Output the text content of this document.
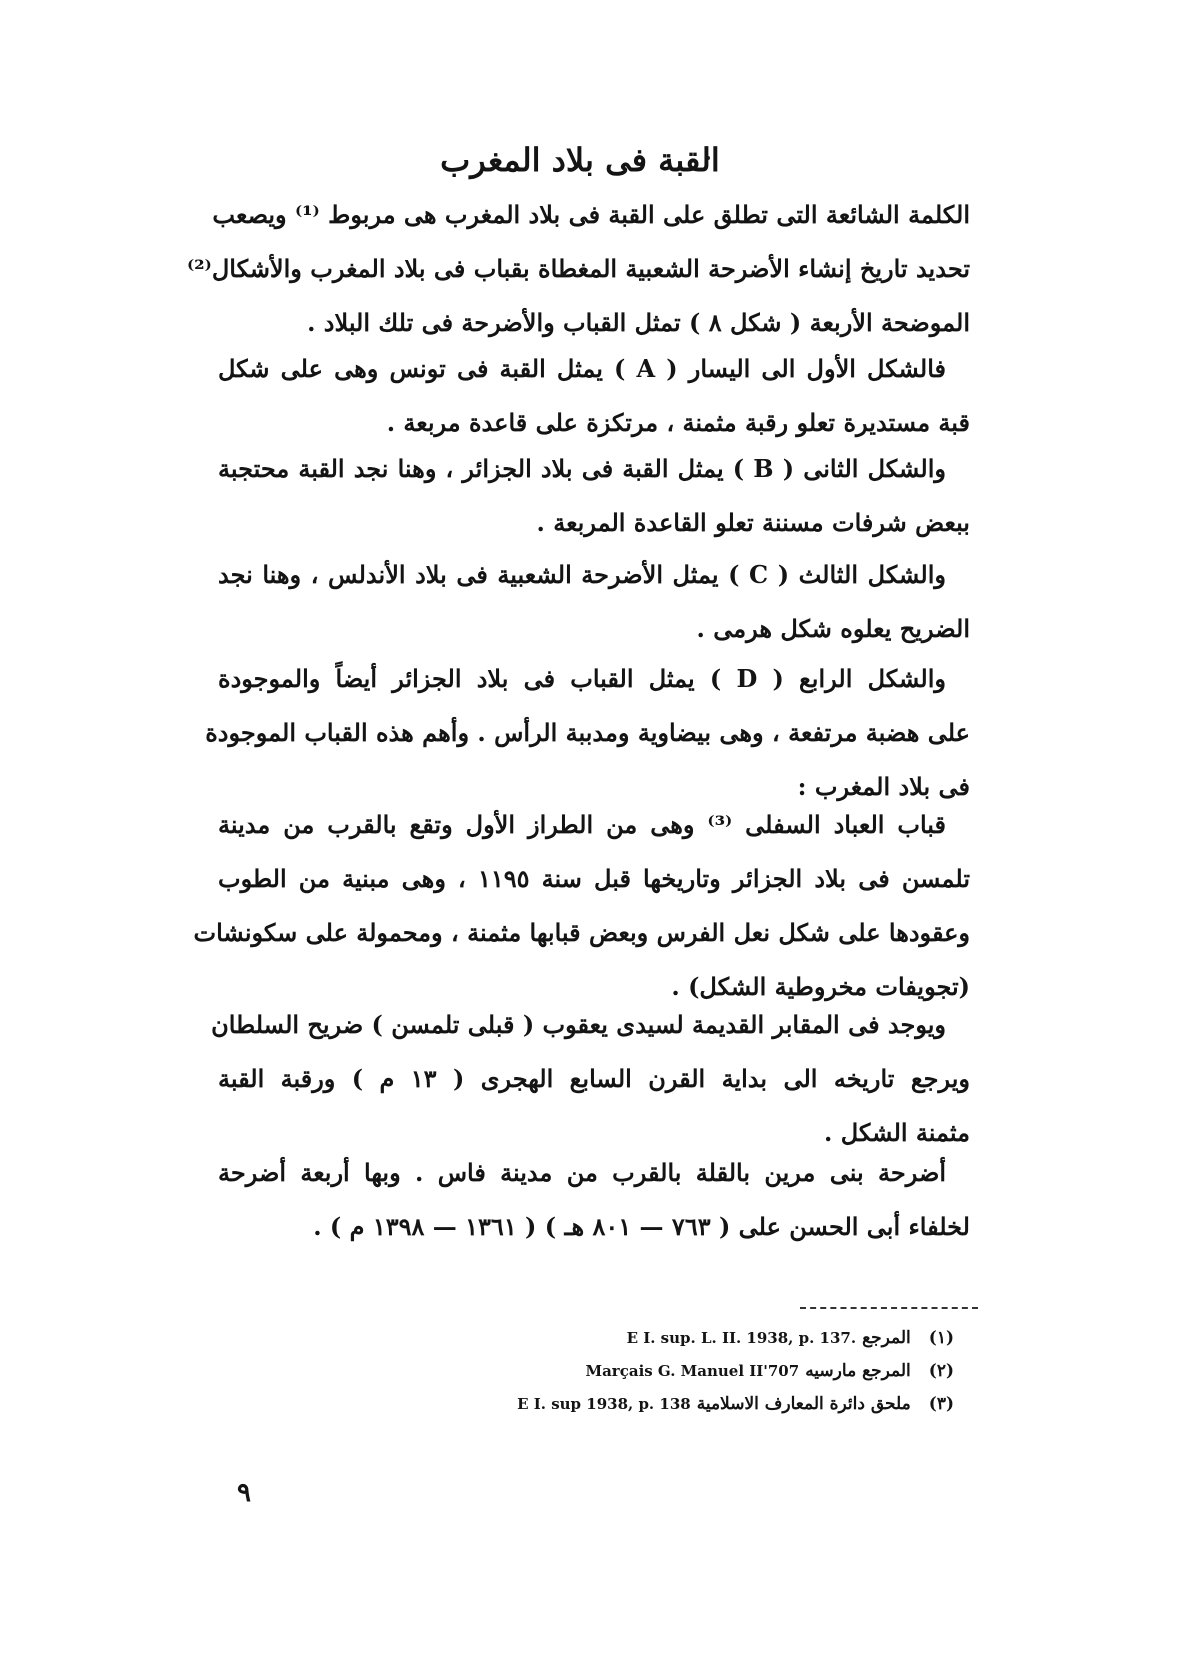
القبة فى بلاد المغرب
الكلمة الشائعة التى تطلق على القبة فى بلاد المغرب هى مربوط ⁽¹⁾ ويصعب
تحديد تاريخ إنشاء الأضرحة الشعبية المغطاة بقباب فى بلاد المغرب والأشكال⁽²⁾
الموضحة الأربعة ( شكل ٨ ) تمثل القباب والأضرحة فى تلك البلاد .
فالشكل الأول الى اليسار ( A ) يمثل القبة فى تونس وهى على شكل
قبة مستديرة تعلو رقبة مثمنة ، مرتكزة على قاعدة مربعة .
والشكل الثانى ( B ) يمثل القبة فى بلاد الجزائر ، وهنا نجد القبة محتجبة
ببعض شرفات مسننة تعلو القاعدة المربعة .
والشكل الثالث ( C ) يمثل الأضرحة الشعبية فى بلاد الأندلس ، وهنا نجد
الضريح يعلوه شكل هرمى .
والشكل الرابع ( D ) يمثل القباب فى بلاد الجزائر أيضاً والموجودة
على هضبة مرتفعة ، وهى بيضاوية ومدببة الرأس . وأهم هذه القباب الموجودة
فى بلاد المغرب :
قباب العباد السفلى ⁽³⁾ وهى من الطراز الأول وتقع بالقرب من مدينة
تلمسن فى بلاد الجزائر وتاريخها قبل سنة ١١٩٥ ، وهى مبنية من الطوب
وعقودها على شكل نعل الفرس وبعض قبابها مثمنة ، ومحمولة على سكونشات
(تجويفات مخروطية الشكل) .
ويوجد فى المقابر القديمة لسيدى يعقوب ( قبلى تلمسن ) ضريح السلطان
ويرجع تاريخه الى بداية القرن السابع الهجرى ( ١٣ م ) ورقبة القبة
مثمنة الشكل .
أضرحة بنى مرين بالقلة بالقرب من مدينة فاس . وبها أربعة أضرحة
لخلفاء أبى الحسن على ( ٧٦٣ — ٨٠١ هـ ) ( ١٣٦١ — ١٣٩٨ م ) .
(١)المرجعE I. sup. L. II. 1938, p. 137.
(٢)المرجع مارسيهMarçais G. Manuel II'707
(٣)ملحق دائرة المعارف الاسلاميةE I. sup 1938, p. 138
٩
